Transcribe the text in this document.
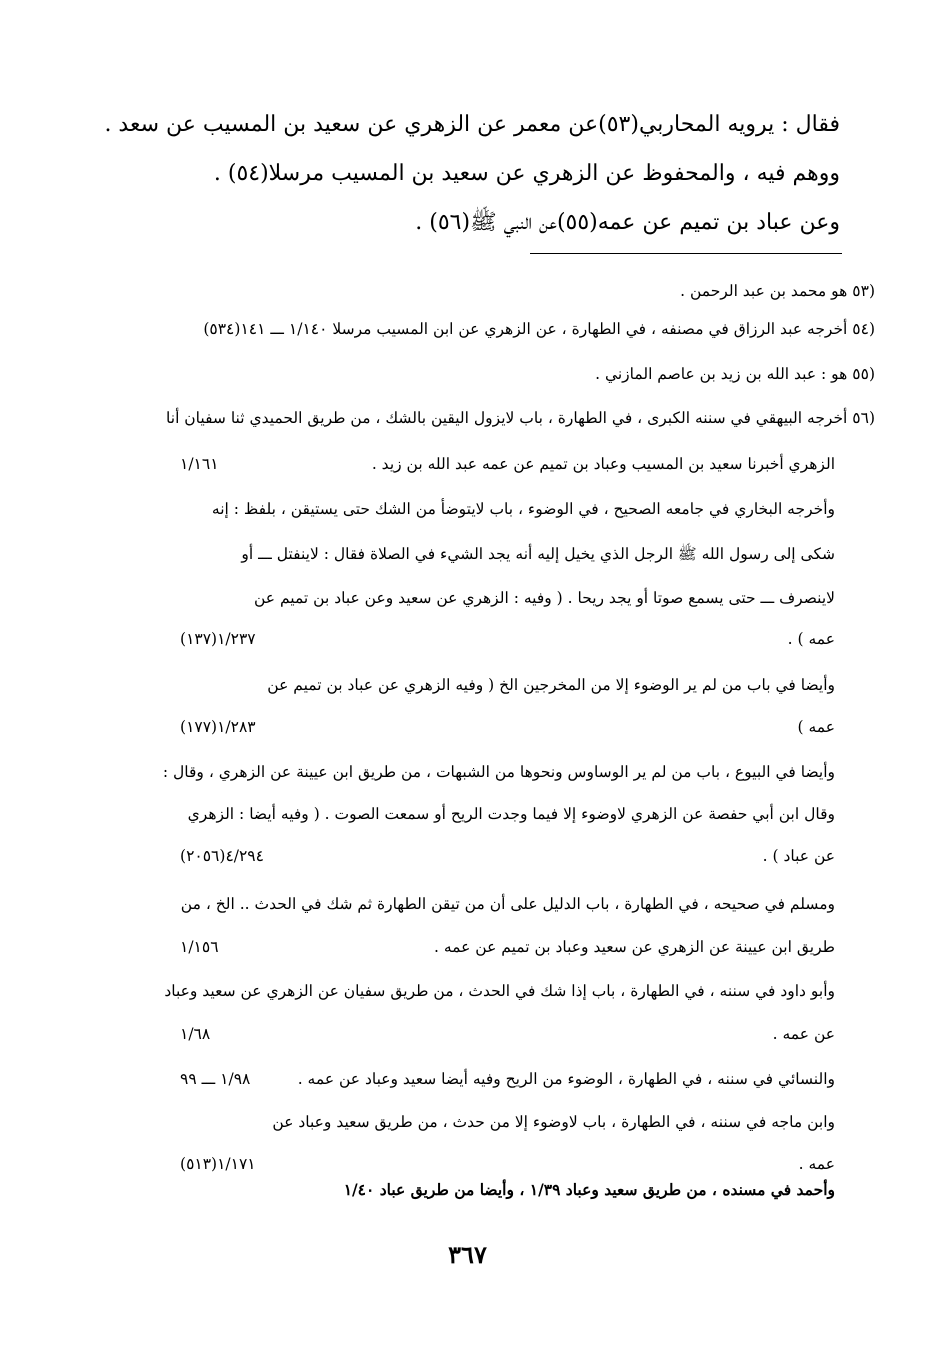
فقال : يرويه المحاربي(٥٣)عن معمر عن الزهري عن سعيد بن المسيب عن سعد .
ووهم فيه ، والمحفوظ عن الزهري عن سعيد بن المسيب مرسلا(٥٤) .
وعن عباد بن تميم عن عمه(٥٥)عن النبي ﷺ(٥٦) .
(٥٣ هو محمد بن عبد الرحمن .
(٥٤ أخرجه عبد الرزاق في مصنفه ، في الطهارة ، عن الزهري عن ابن المسيب مرسلا ١/١٤٠ ـــ ١٤١(٥٣٤)
(٥٥ هو : عبد الله بن زيد بن عاصم المازني .
(٥٦ أخرجه البيهقي في سننه الكبرى ، في الطهارة ، باب لايزول اليقين بالشك ، من طريق الحميدي ثنا سفيان أنا
الزهري أخبرنا سعيد بن المسيب وعباد بن تميم عن عمه عبد الله بن زيد .
١/١٦١
وأخرجه البخاري في جامعه الصحيح ، في الوضوء ، باب لايتوضأ من الشك حتى يستيقن ، بلفظ : إنه
شكى إلى رسول الله ﷺ الرجل الذي يخيل إليه أنه يجد الشيء في الصلاة فقال : لاينفتل ـــ أو
لاينصرف ـــ حتى يسمع صوتا أو يجد ريحا . ( وفيه : الزهري عن سعيد وعن عباد بن تميم عن
عمه ) .
١/٢٣٧(١٣٧)
وأيضا في باب من لم ير الوضوء إلا من المخرجين الخ ( وفيه الزهري عن عباد بن تميم عن
عمه )
١/٢٨٣(١٧٧)
وأيضا في البيوع ، باب من لم ير الوساوس ونحوها من الشبهات ، من طريق ابن عيينة عن الزهري ، وقال :
وقال ابن أبي حفصة عن الزهري لاوضوء إلا فيما وجدت الريح أو سمعت الصوت . ( وفيه أيضا : الزهري
عن عباد ) .
٤/٢٩٤(٢٠٥٦)
ومسلم في صحيحه ، في الطهارة ، باب الدليل على أن من تيقن الطهارة ثم شك في الحدث .. الخ ، من
طريق ابن عيينة عن الزهري عن سعيد وعباد بن تميم عن عمه .
١/١٥٦
وأبو داود في سننه ، في الطهارة ، باب إذا شك في الحدث ، من طريق سفيان عن الزهري عن سعيد وعباد
عن عمه .
١/٦٨
والنسائي في سننه ، في الطهارة ، الوضوء من الريح وفيه أيضا سعيد وعباد عن عمه .
١/٩٨ ـــ ٩٩
وابن ماجه في سننه ، في الطهارة ، باب لاوضوء إلا من حدث ، من طريق سعيد وعباد عن
عمه .
١/١٧١(٥١٣)
وأحمد في مسنده ، من طريق سعيد وعباد ١/٣٩ ، وأيضا من طريق عباد ١/٤٠
٣٦٧
